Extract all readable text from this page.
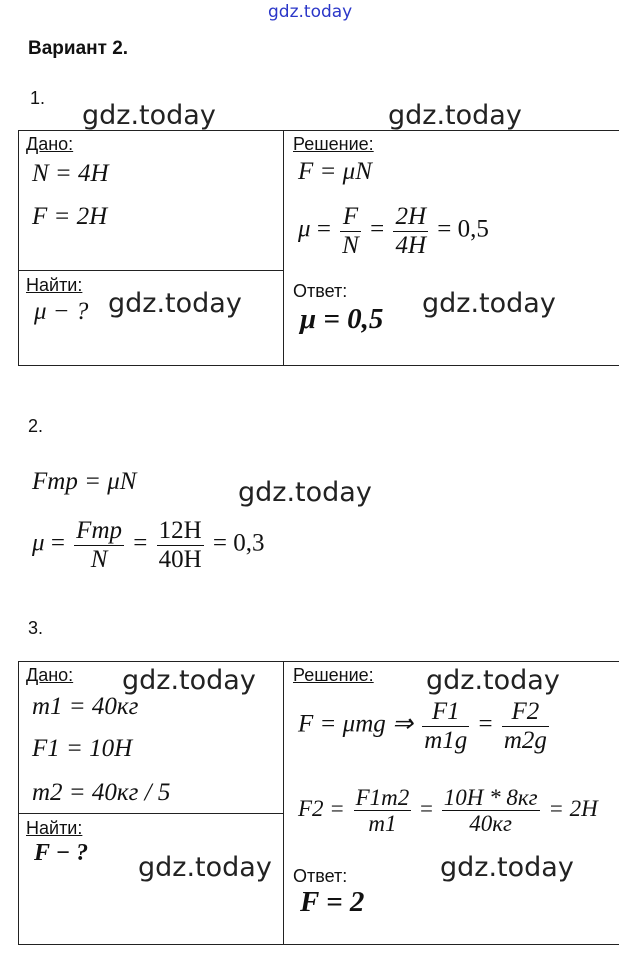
gdz.today
Вариант 2.
1.
gdz.today	gdz.today
Дано:
N = 4H
F = 2H
Найти:
μ − ? gdz.today
Решение:
F = μN
$\mu = \frac{F}{N} = \frac{2H}{4H} = 0,5$
Ответ:
μ = 0,5 gdz.today
2.
Fтр = μN	gdz.today
$\mu = \frac{\text{Fтр}}{N} = \frac{12H}{40H} = 0,3$
3.
Дано: gdz.today
m1 = 40кг
F1 = 10H
m2 = 40кг / 5
Найти:
F − ? gdz.today
Решение: gdz.today
F = μmg ⇒ $\frac{F1}{m1g} = \frac{F2}{m2g}$
$F2 = \frac{F1m2}{m1} = \frac{10H * 8кг}{40кг} = 2H$
Ответ:	gdz.today
F = 2
